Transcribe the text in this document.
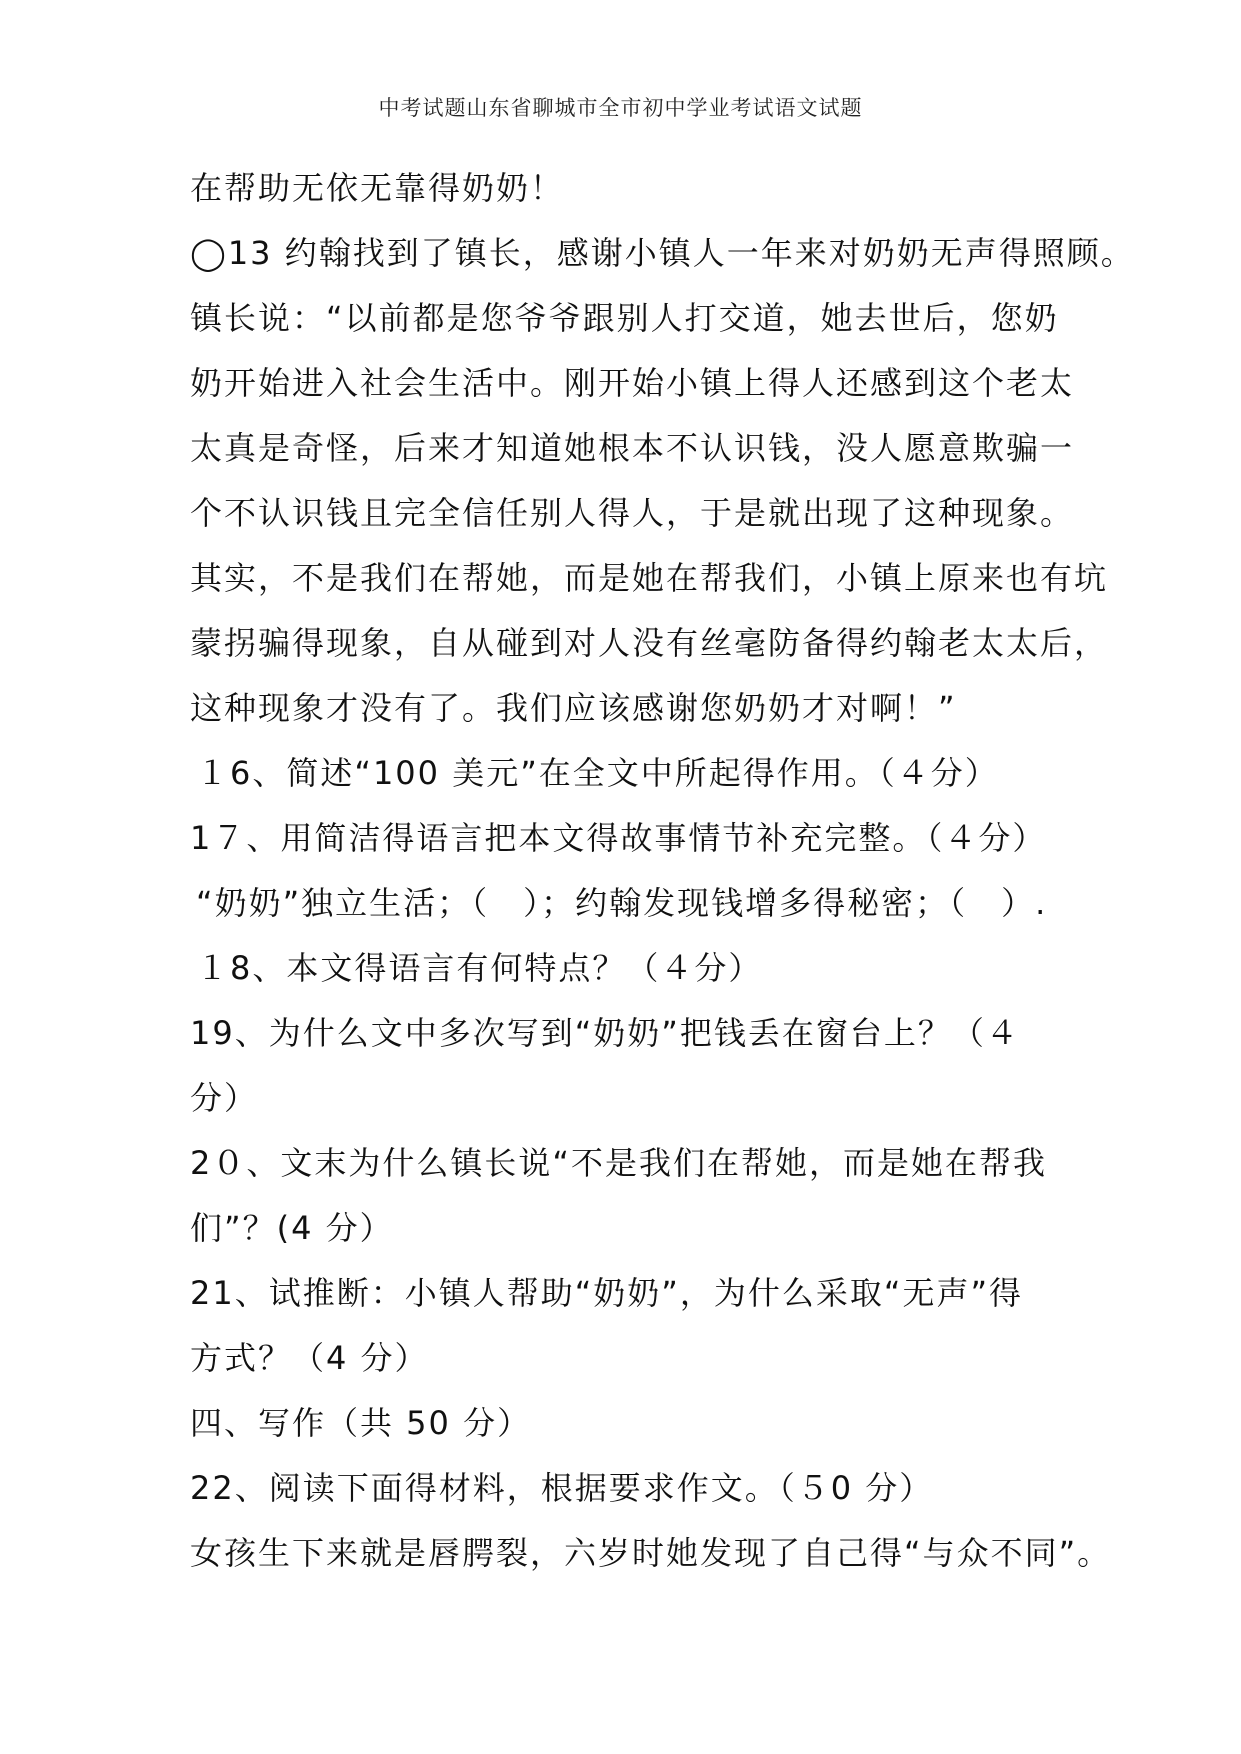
中考试题山东省聊城市全市初中学业考试语文试题
在帮助无依无靠得奶奶！
◯13 约翰找到了镇长，感谢小镇人一年来对奶奶无声得照顾。
镇长说：“以前都是您爷爷跟别人打交道，她去世后，您奶
奶开始进入社会生活中。刚开始小镇上得人还感到这个老太
太真是奇怪，后来才知道她根本不认识钱，没人愿意欺骗一
个不认识钱且完全信任别人得人，于是就出现了这种现象。
其实，不是我们在帮她，而是她在帮我们，小镇上原来也有坑
蒙拐骗得现象，自从碰到对人没有丝毫防备得约翰老太太后，
这种现象才没有了。我们应该感谢您奶奶才对啊！”
１6、简述“100 美元”在全文中所起得作用。（４分）
1７、用简洁得语言把本文得故事情节补充完整。（４分）
“奶奶”独立生活；（　）；约翰发现钱增多得秘密；（　）.
１8、本文得语言有何特点？（４分）
19、为什么文中多次写到“奶奶”把钱丢在窗台上？（４
分）
2０、文末为什么镇长说“不是我们在帮她，而是她在帮我
们”？(4 分）
21、试推断：小镇人帮助“奶奶”，为什么采取“无声”得
方式？（4 分）
四、写作（共 50 分）
22、阅读下面得材料，根据要求作文。（５0 分）
女孩生下来就是唇腭裂，六岁时她发现了自己得“与众不同”。
